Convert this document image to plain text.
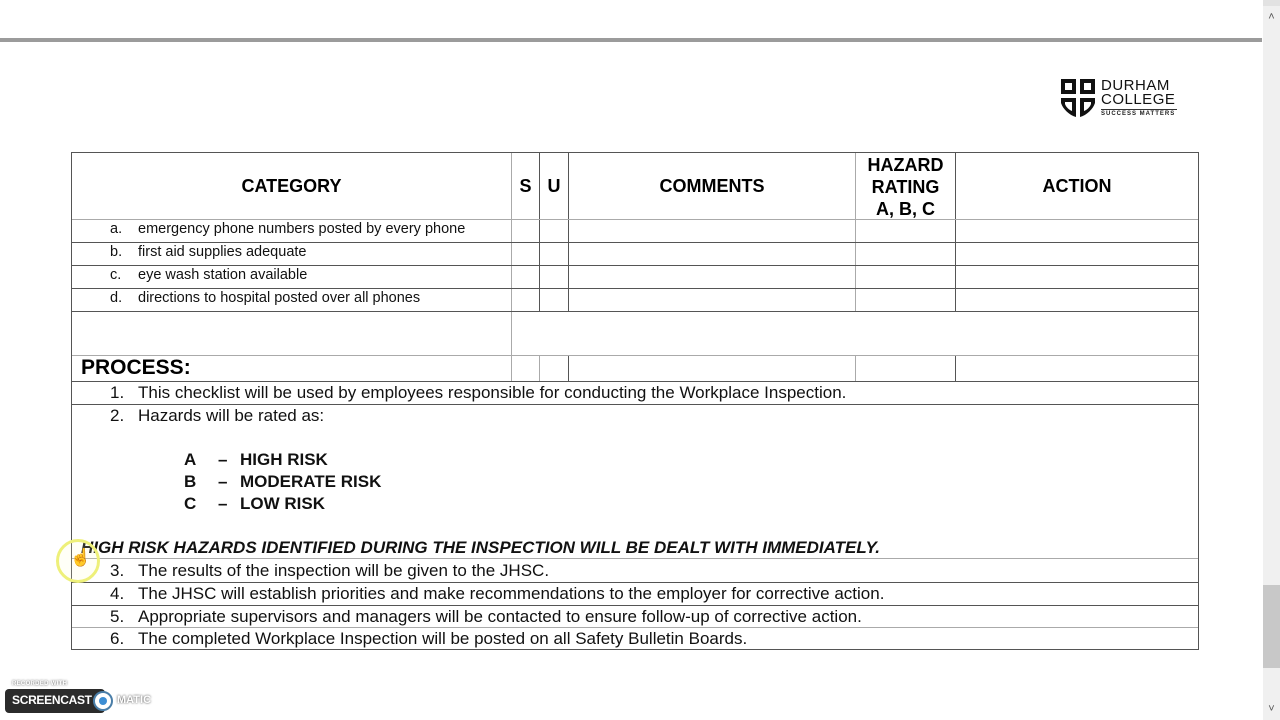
˄
˅
DURHAM
COLLEGE
SUCCESS MATTERS
CATEGORY	S U	COMMENTS
HAZARD
RATING
A, B, C
ACTION
a. emergency phone numbers posted by every phone
b. first aid supplies adequate
c. eye wash station available
d. directions to hospital posted over all phones
PROCESS:
1. This checklist will be used by employees responsible for conducting the Workplace Inspection.
2. Hazards will be rated as:
A – HIGH RISK
B – MODERATE RISK
C – LOW RISK
HIGH RISK HAZARDS IDENTIFIED DURING THE INSPECTION WILL BE DEALT WITH IMMEDIATELY.
3. The results of the inspection will be given to the JHSC.
4. The JHSC will establish priorities and make recommendations to the employer for corrective action.
5. Appropriate supervisors and managers will be contacted to ensure follow-up of corrective action.
6. The completed Workplace Inspection will be posted on all Safety Bulletin Boards.
☝
RECORDED WITH
SCREENCAST MATIC
